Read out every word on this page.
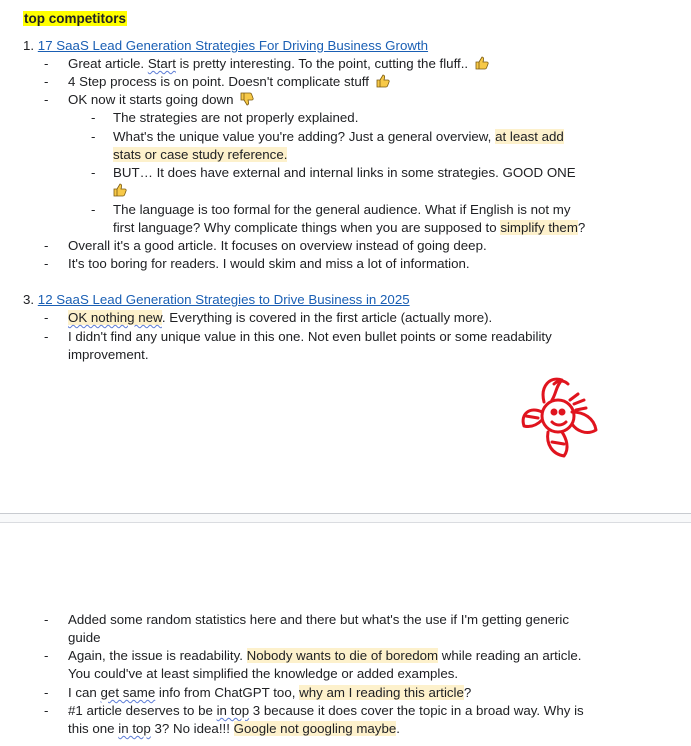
top competitors
1. 17 SaaS Lead Generation Strategies For Driving Business Growth
- Great article. Start is pretty interesting. To the point, cutting the fluff..
- 4 Step process is on point. Doesn't complicate stuff
- OK now it starts going down
- The strategies are not properly explained.
- What's the unique value you're adding? Just a general overview, at least add
stats or case study reference.
- BUT… It does have external and internal links in some strategies. GOOD ONE
- The language is too formal for the general audience. What if English is not my
first language? Why complicate things when you are supposed to simplify them?
- Overall it's a good article. It focuses on overview instead of going deep.
- It's too boring for readers. I would skim and miss a lot of information.
3. 12 SaaS Lead Generation Strategies to Drive Business in 2025
- OK nothing new. Everything is covered in the first article (actually more).
- I didn't find any unique value in this one. Not even bullet points or some readability
improvement.
- Added some random statistics here and there but what's the use if I'm getting generic
guide
- Again, the issue is readability. Nobody wants to die of boredom while reading an article.
You could've at least simplified the knowledge or added examples.
- I can get same info from ChatGPT too, why am I reading this article?
- #1 article deserves to be in top 3 because it does cover the topic in a broad way. Why is
this one in top 3? No idea!!! Google not googling maybe.
